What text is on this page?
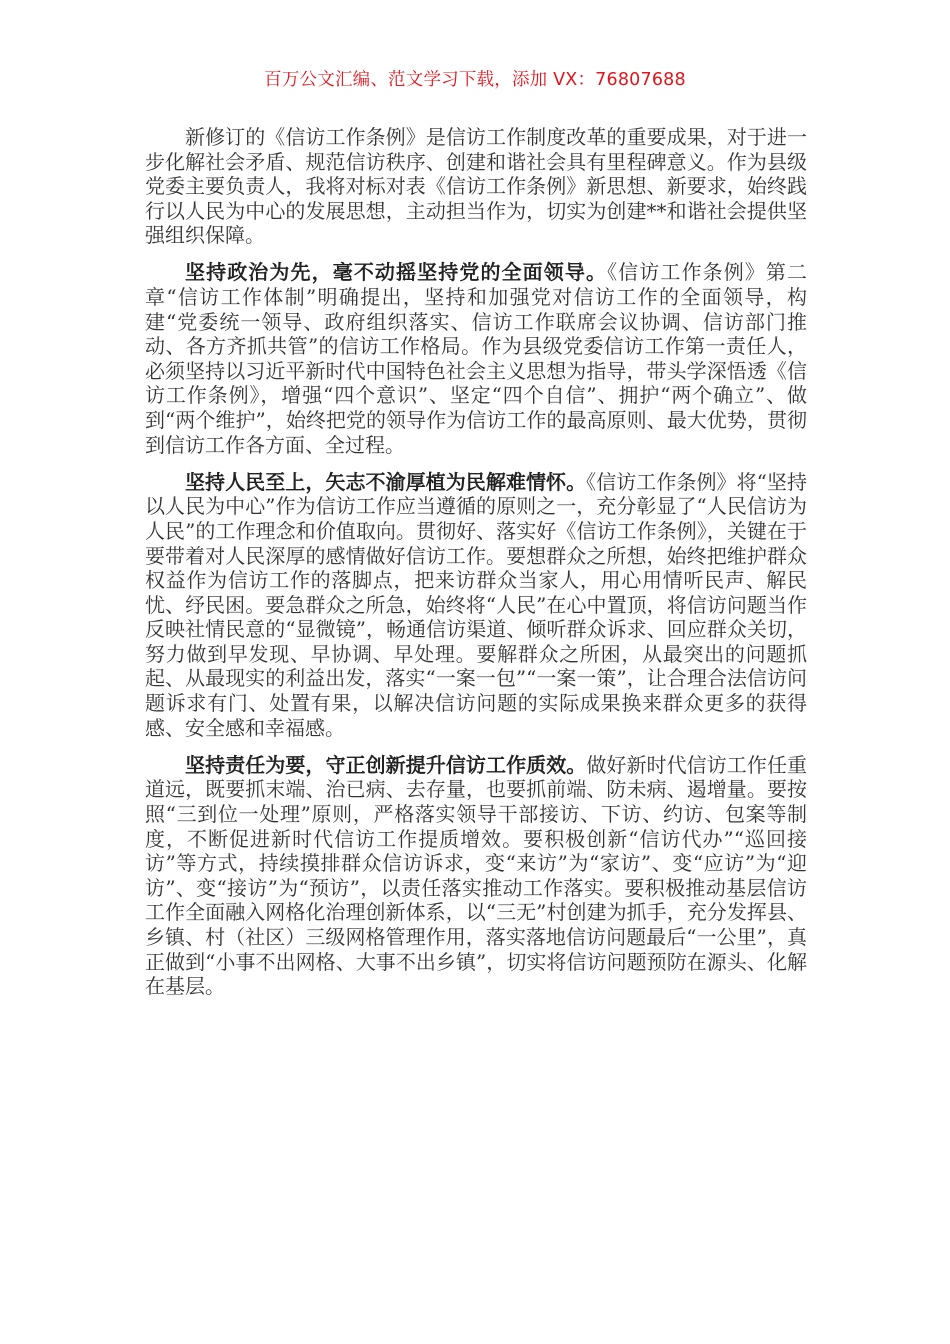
百万公文汇编、范文学习下载，添加 VX：76807688

新修订的《信访工作条例》是信访工作制度改革的重要成果，对于进一步化解社会矛盾、规范信访秩序、创建和谐社会具有里程碑意义。作为县级党委主要负责人，我将对标对表《信访工作条例》新思想、新要求，始终践行以人民为中心的发展思想，主动担当作为，切实为创建**和谐社会提供坚强组织保障。

坚持政治为先，毫不动摇坚持党的全面领导。《信访工作条例》第二章“信访工作体制”明确提出，坚持和加强党对信访工作的全面领导，构建“党委统一领导、政府组织落实、信访工作联席会议协调、信访部门推动、各方齐抓共管”的信访工作格局。作为县级党委信访工作第一责任人，必须坚持以习近平新时代中国特色社会主义思想为指导，带头学深悟透《信访工作条例》，增强“四个意识”、坚定“四个自信”、拥护“两个确立”、做到“两个维护”，始终把党的领导作为信访工作的最高原则、最大优势，贯彻到信访工作各方面、全过程。

坚持人民至上，矢志不渝厚植为民解难情怀。《信访工作条例》将“坚持以人民为中心”作为信访工作应当遵循的原则之一，充分彰显了“人民信访为人民”的工作理念和价值取向。贯彻好、落实好《信访工作条例》，关键在于要带着对人民深厚的感情做好信访工作。要想群众之所想，始终把维护群众权益作为信访工作的落脚点，把来访群众当家人，用心用情听民声、解民忧、纾民困。要急群众之所急，始终将“人民”在心中置顶，将信访问题当作反映社情民意的“显微镜”，畅通信访渠道、倾听群众诉求、回应群众关切，努力做到早发现、早协调、早处理。要解群众之所困，从最突出的问题抓起、从最现实的利益出发，落实“一案一包”“一案一策”，让合理合法信访问题诉求有门、处置有果，以解决信访问题的实际成果换来群众更多的获得感、安全感和幸福感。

坚持责任为要，守正创新提升信访工作质效。做好新时代信访工作任重道远，既要抓末端、治已病、去存量，也要抓前端、防未病、遏增量。要按照“三到位一处理”原则，严格落实领导干部接访、下访、约访、包案等制度，不断促进新时代信访工作提质增效。要积极创新“信访代办”“巡回接访”等方式，持续摸排群众信访诉求，变“来访”为“家访”、变“应访”为“迎访”、变“接访”为“预访”，以责任落实推动工作落实。要积极推动基层信访工作全面融入网格化治理创新体系，以“三无”村创建为抓手，充分发挥县、乡镇、村（社区）三级网格管理作用，落实落地信访问题最后“一公里”，真正做到“小事不出网格、大事不出乡镇”，切实将信访问题预防在源头、化解在基层。
